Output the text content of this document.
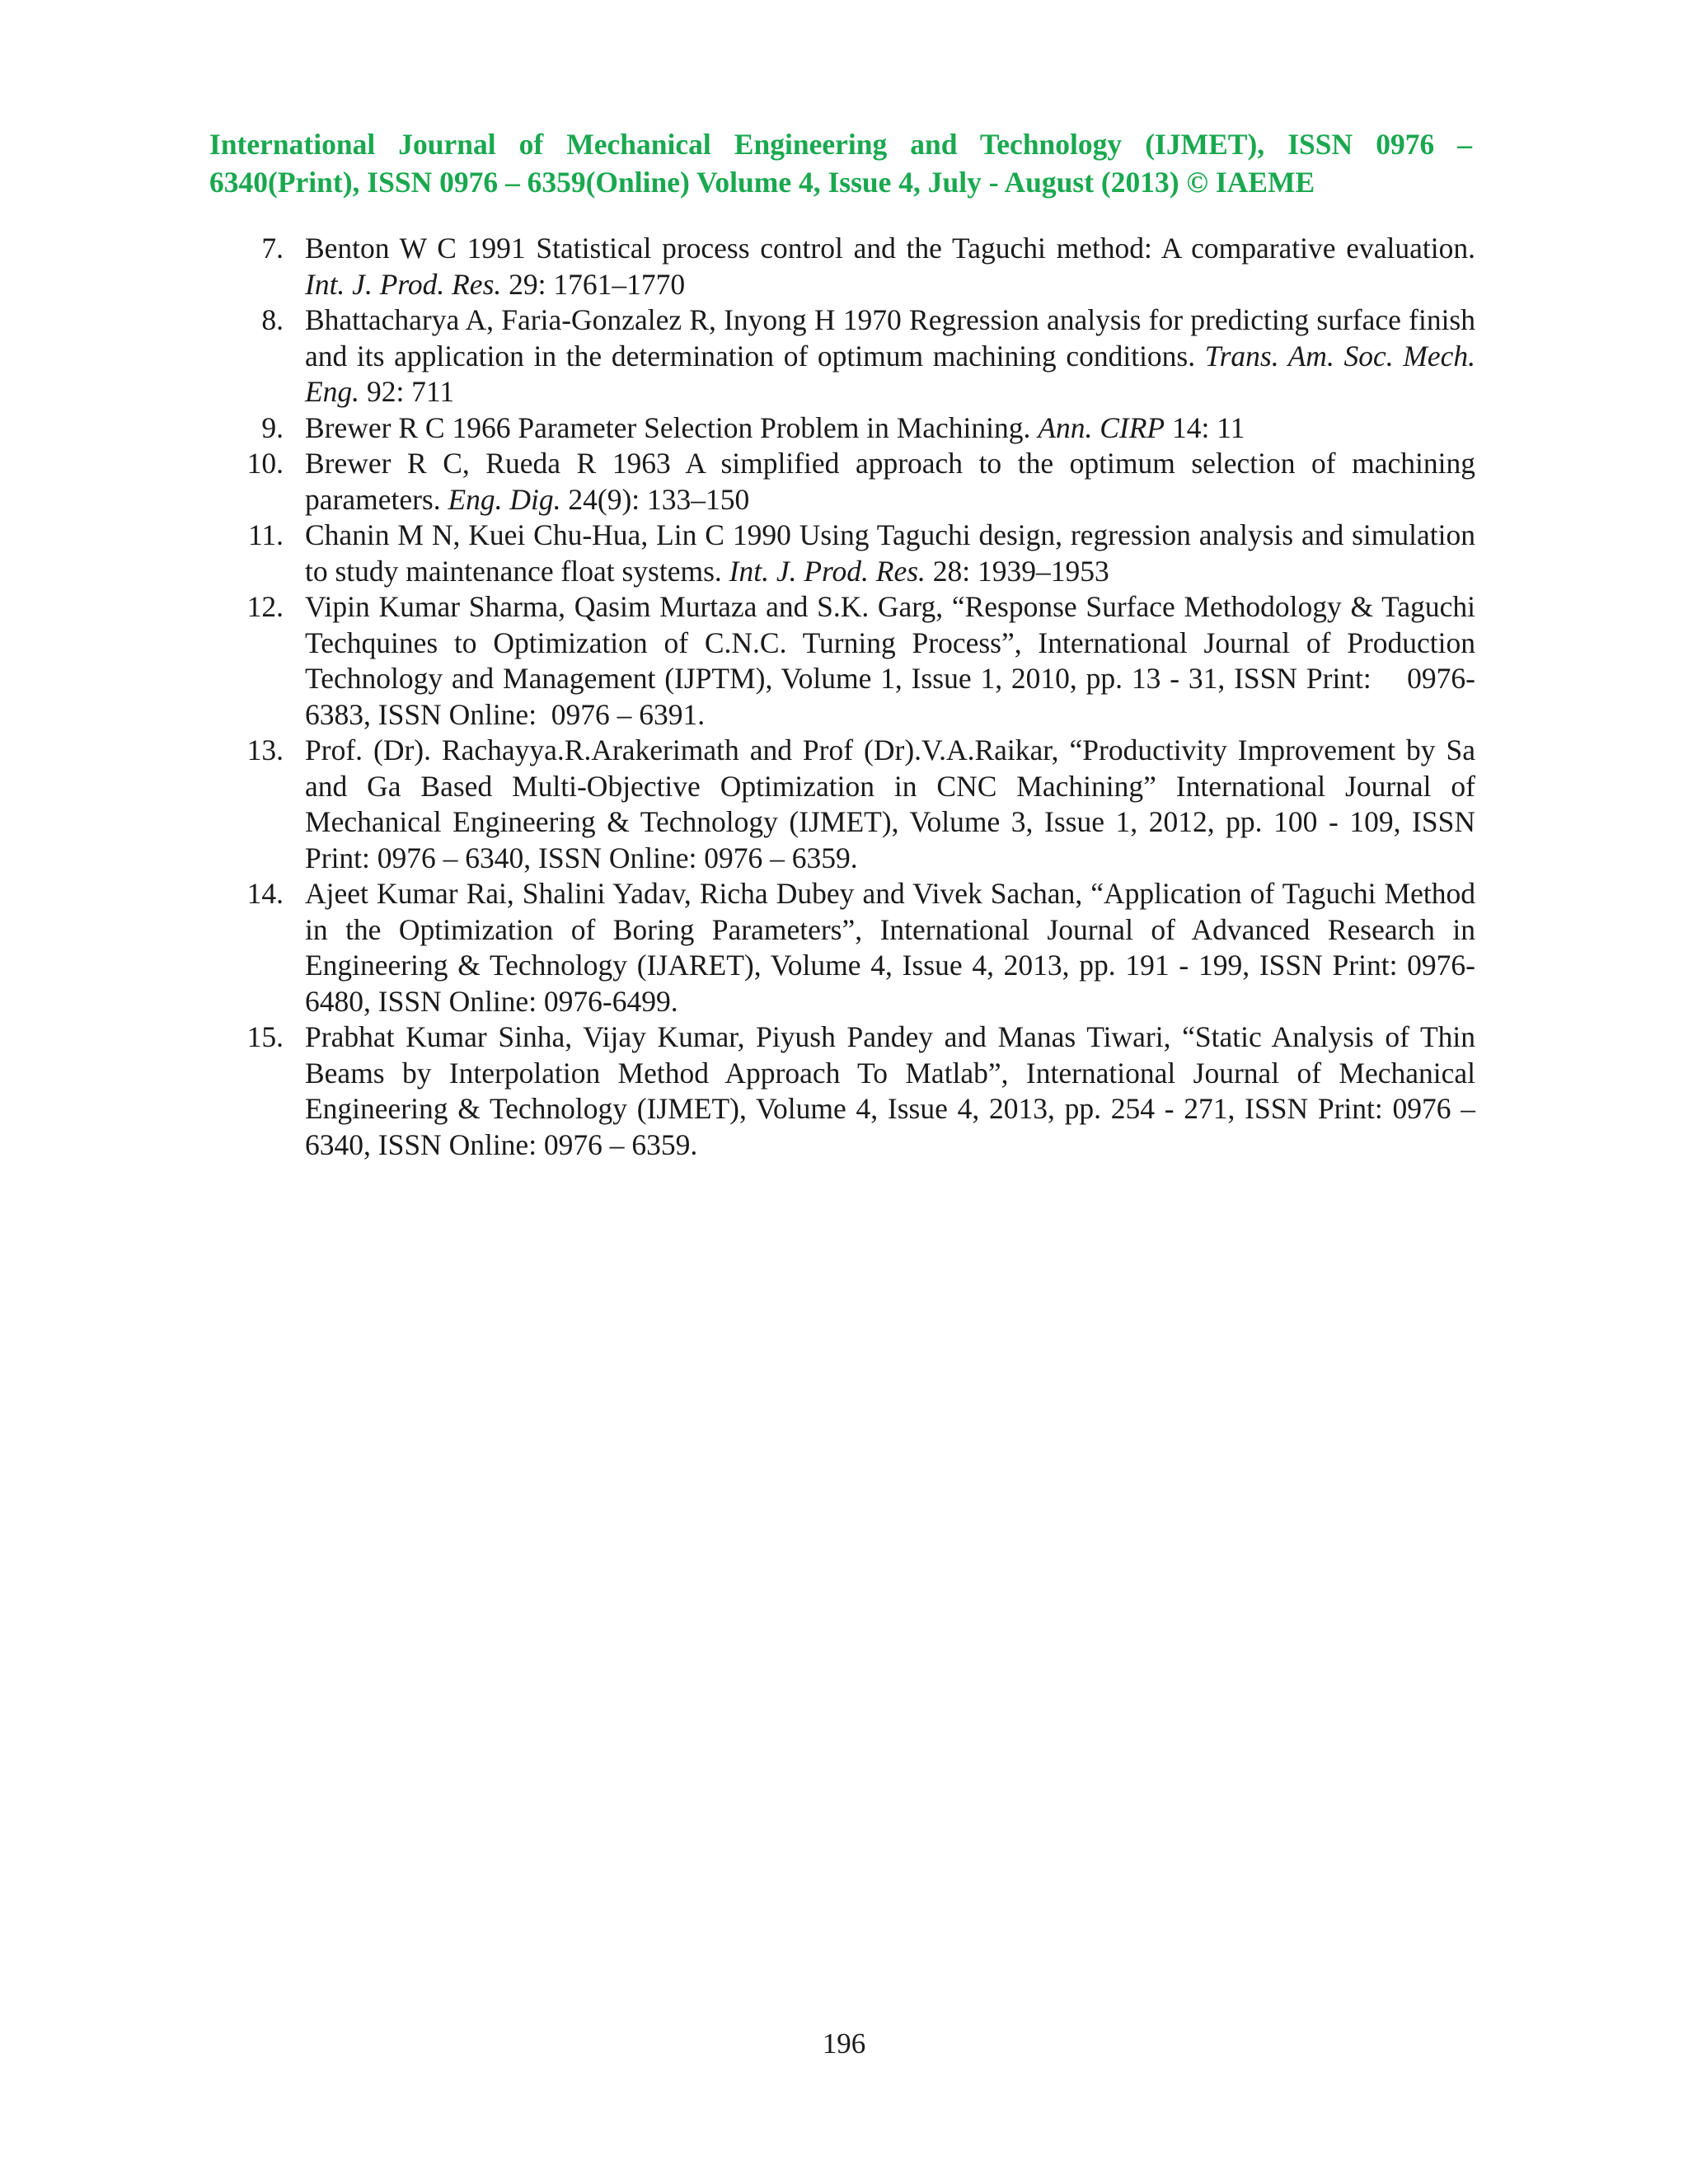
International Journal of Mechanical Engineering and Technology (IJMET), ISSN 0976 –
6340(Print), ISSN 0976 – 6359(Online) Volume 4, Issue 4, July - August (2013) © IAEME
7. Benton W C 1991 Statistical process control and the Taguchi method: A comparative evaluation. Int. J. Prod. Res. 29: 1761–1770
8. Bhattacharya A, Faria-Gonzalez R, Inyong H 1970 Regression analysis for predicting surface finish and its application in the determination of optimum machining conditions. Trans. Am. Soc. Mech. Eng. 92: 711
9. Brewer R C 1966 Parameter Selection Problem in Machining. Ann. CIRP 14: 11
10. Brewer R C, Rueda R 1963 A simplified approach to the optimum selection of machining parameters. Eng. Dig. 24(9): 133–150
11. Chanin M N, Kuei Chu-Hua, Lin C 1990 Using Taguchi design, regression analysis and simulation to study maintenance float systems. Int. J. Prod. Res. 28: 1939–1953
12. Vipin Kumar Sharma, Qasim Murtaza and S.K. Garg, “Response Surface Methodology & Taguchi Techquines to Optimization of C.N.C. Turning Process”, International Journal of Production Technology and Management (IJPTM), Volume 1, Issue 1, 2010, pp. 13 - 31, ISSN Print:    0976- 6383, ISSN Online:  0976 – 6391.
13. Prof. (Dr). Rachayya.R.Arakerimath and Prof (Dr).V.A.Raikar, “Productivity Improvement by Sa and Ga Based Multi-Objective Optimization in CNC Machining” International Journal of Mechanical Engineering & Technology (IJMET), Volume 3, Issue 1, 2012, pp. 100 - 109, ISSN Print: 0976 – 6340, ISSN Online: 0976 – 6359.
14. Ajeet Kumar Rai, Shalini Yadav, Richa Dubey and Vivek Sachan, “Application of Taguchi Method in the Optimization of Boring Parameters”, International Journal of Advanced Research in Engineering & Technology (IJARET), Volume 4, Issue 4, 2013, pp. 191 - 199, ISSN Print: 0976-6480, ISSN Online: 0976-6499.
15. Prabhat Kumar Sinha, Vijay Kumar, Piyush Pandey and Manas Tiwari, “Static Analysis of Thin Beams by Interpolation Method Approach To Matlab”, International Journal of Mechanical Engineering & Technology (IJMET), Volume 4, Issue 4, 2013, pp. 254 - 271, ISSN Print: 0976 – 6340, ISSN Online: 0976 – 6359.
196
